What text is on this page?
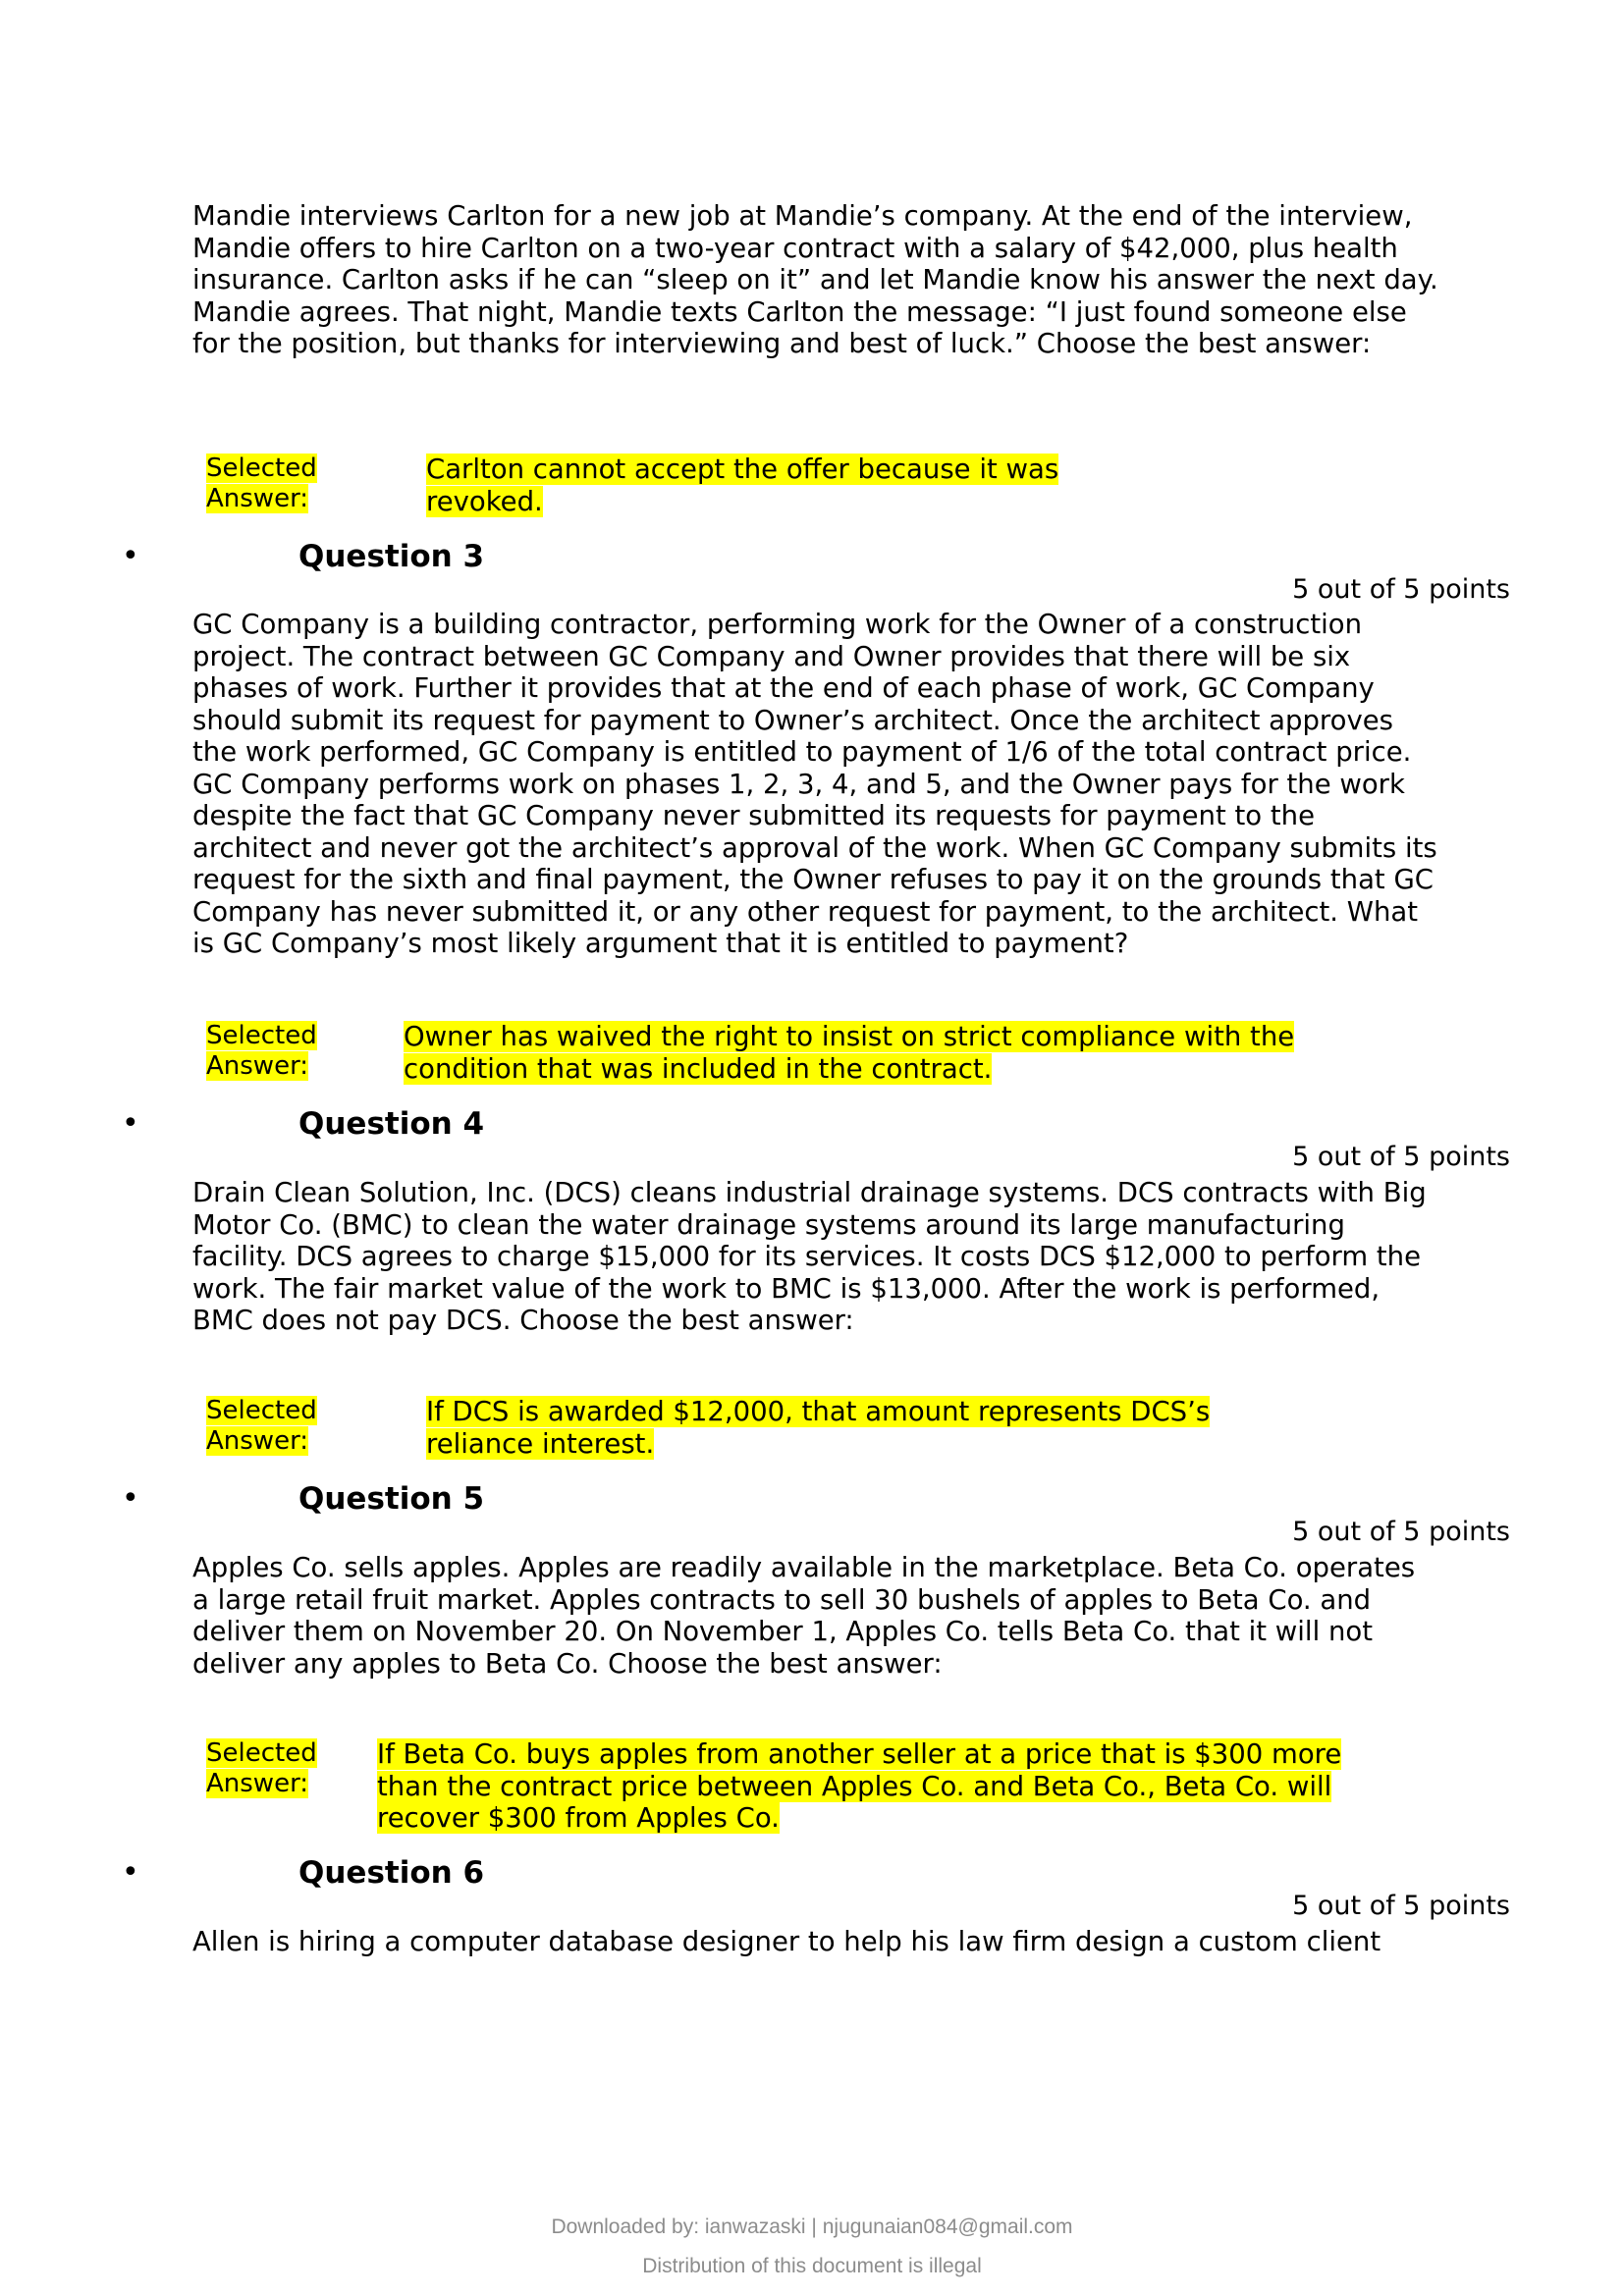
Mandie interviews Carlton for a new job at Mandie’s company. At the end of the interview, Mandie offers to hire Carlton on a two-year contract with a salary of $42,000, plus health insurance. Carlton asks if he can “sleep on it” and let Mandie know his answer the next day. Mandie agrees. That night, Mandie texts Carlton the message: “I just found someone else for the position, but thanks for interviewing and best of luck.” Choose the best answer:

Selected
Answer:
Carlton cannot accept the offer because it was revoked.
•	Question 3
5 out of 5 points

GC Company is a building contractor, performing work for the Owner of a construction project. The contract between GC Company and Owner provides that there will be six phases of work. Further it provides that at the end of each phase of work, GC Company should submit its request for payment to Owner’s architect. Once the architect approves the work performed, GC Company is entitled to payment of 1/6 of the total contract price. GC Company performs work on phases 1, 2, 3, 4, and 5, and the Owner pays for the work despite the fact that GC Company never submitted its requests for payment to the architect and never got the architect’s approval of the work. When GC Company submits its request for the sixth and final payment, the Owner refuses to pay it on the grounds that GC Company has never submitted it, or any other request for payment, to the architect. What is GC Company’s most likely argument that it is entitled to payment?

Selected
Answer:
Owner has waived the right to insist on strict compliance with the condition that was included in the contract.
•	Question 4
5 out of 5 points

Drain Clean Solution, Inc. (DCS) cleans industrial drainage systems. DCS contracts with Big Motor Co. (BMC) to clean the water drainage systems around its large manufacturing facility. DCS agrees to charge $15,000 for its services. It costs DCS $12,000 to perform the work. The fair market value of the work to BMC is $13,000. After the work is performed, BMC does not pay DCS. Choose the best answer:

Selected
Answer:
If DCS is awarded $12,000, that amount represents DCS’s reliance interest.
•	Question 5
5 out of 5 points

Apples Co. sells apples. Apples are readily available in the marketplace. Beta Co. operates a large retail fruit market. Apples contracts to sell 30 bushels of apples to Beta Co. and deliver them on November 20. On November 1, Apples Co. tells Beta Co. that it will not deliver any apples to Beta Co. Choose the best answer:

Selected
Answer:
If Beta Co. buys apples from another seller at a price that is $300 more than the contract price between Apples Co. and Beta Co., Beta Co. will recover $300 from Apples Co.
•	Question 6
5 out of 5 points

Allen is hiring a computer database designer to help his law firm design a custom client

Downloaded by: ianwazaski | njugunaian084@gmail.com
Distribution of this document is illegal
